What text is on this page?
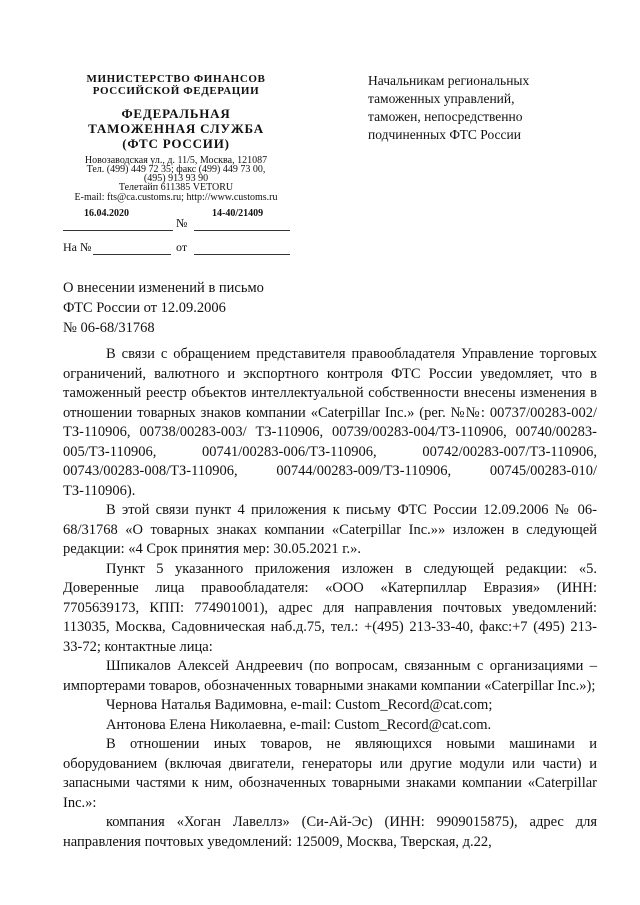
МИНИСТЕРСТВО ФИНАНСОВ
РОССИЙСКОЙ ФЕДЕРАЦИИ
ФЕДЕРАЛЬНАЯ
ТАМОЖЕННАЯ СЛУЖБА
(ФТС РОССИИ)
Новозаводская ул., д. 11/5, Москва, 121087
Тел. (499) 449 72 35; факс (499) 449 73 00,
(495) 913 93 90
Телетайп 611385 VETORU
E-mail: fts@ca.customs.ru; http://www.customs.ru
16.04.2020
№
14-40/21409
На №	от
Начальникам региональных
таможенных управлений,
таможен, непосредственно
подчиненных ФТС России
О внесении изменений в письмо
ФТС России от 12.09.2006
№ 06-68/31768

В связи с обращением представителя правообладателя Управление торговых ограничений, валютного и экспортного контроля ФТС России уведомляет, что в таможенный реестр объектов интеллектуальной собственности внесены изменения в отношении товарных знаков компании «Caterpillar Inc.» (рег. №№: 00737/00283-002/ТЗ-110906, 00738/00283-003/ ТЗ-110906, 00739/00283-004/ТЗ-110906, 00740/00283-005/ТЗ-110906, 00741/00283-006/ТЗ-110906, 00742/00283-007/ТЗ-110906, 00743/00283-008/ТЗ-110906, 00744/00283-009/ТЗ-110906, 00745/00283-010/ТЗ-110906).

В этой связи пункт 4 приложения к письму ФТС России 12.09.2006 № 06-68/31768 «О товарных знаках компании «Caterpillar Inc.»» изложен в следующей редакции: «4 Срок принятия мер: 30.05.2021 г.».

Пункт 5 указанного приложения изложен в следующей редакции: «5. Доверенные лица правообладателя: «ООО «Катерпиллар Евразия» (ИНН: 7705639173, КПП: 774901001), адрес для направления почтовых уведомлений: 113035, Москва, Садовническая наб.д.75, тел.: +(495) 213-33-40, факс:+7 (495) 213-33-72; контактные лица:

Шпикалов Алексей Андреевич (по вопросам, связанным с организациями – импортерами товаров, обозначенных товарными знаками компании «Caterpillar Inc.»);

Чернова Наталья Вадимовна, e-mail: Custom_Record@cat.com;

Антонова Елена Николаевна, e-mail: Custom_Record@cat.com.

В отношении иных товаров, не являющихся новыми машинами и оборудованием (включая двигатели, генераторы или другие модули или части) и запасными частями к ним, обозначенных товарными знаками компании «Caterpillar Inc.»:

компания «Хоган Лавеллз» (Си-Ай-Эс) (ИНН: 9909015875), адрес для направления почтовых уведомлений: 125009, Москва, Тверская, д.22,
